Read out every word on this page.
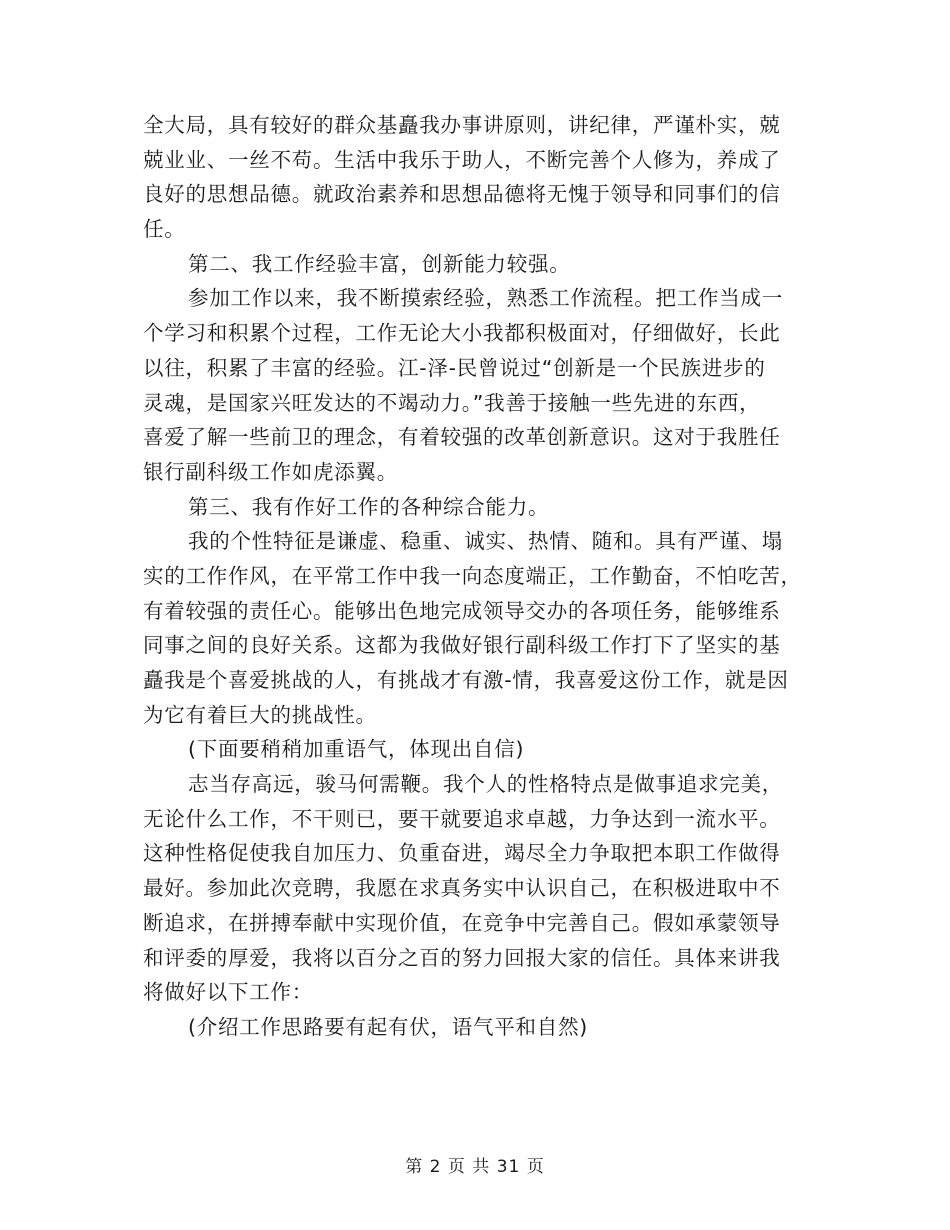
全大局，具有较好的群众基矗我办事讲原则，讲纪律，严谨朴实，兢
兢业业、一丝不苟。生活中我乐于助人，不断完善个人修为，养成了
良好的思想品德。就政治素养和思想品德将无愧于领导和同事们的信
任。
第二、我工作经验丰富，创新能力较强。
参加工作以来，我不断摸索经验，熟悉工作流程。把工作当成一
个学习和积累个过程，工作无论大小我都积极面对，仔细做好，长此
以往，积累了丰富的经验。江-泽-民曾说过“创新是一个民族进步的
灵魂，是国家兴旺发达的不竭动力。”我善于接触一些先进的东西，
喜爱了解一些前卫的理念，有着较强的改革创新意识。这对于我胜任
银行副科级工作如虎添翼。
第三、我有作好工作的各种综合能力。
我的个性特征是谦虚、稳重、诚实、热情、随和。具有严谨、塌
实的工作作风，在平常工作中我一向态度端正，工作勤奋，不怕吃苦，
有着较强的责任心。能够出色地完成领导交办的各项任务，能够维系
同事之间的良好关系。这都为我做好银行副科级工作打下了坚实的基
矗我是个喜爱挑战的人，有挑战才有激-情，我喜爱这份工作，就是因
为它有着巨大的挑战性。
(下面要稍稍加重语气，体现出自信)
志当存高远，骏马何需鞭。我个人的性格特点是做事追求完美，
无论什么工作，不干则已，要干就要追求卓越，力争达到一流水平。
这种性格促使我自加压力、负重奋进，竭尽全力争取把本职工作做得
最好。参加此次竞聘，我愿在求真务实中认识自己，在积极进取中不
断追求，在拼搏奉献中实现价值，在竞争中完善自己。假如承蒙领导
和评委的厚爱，我将以百分之百的努力回报大家的信任。具体来讲我
将做好以下工作：
(介绍工作思路要有起有伏，语气平和自然)
第 2 页 共 31 页
